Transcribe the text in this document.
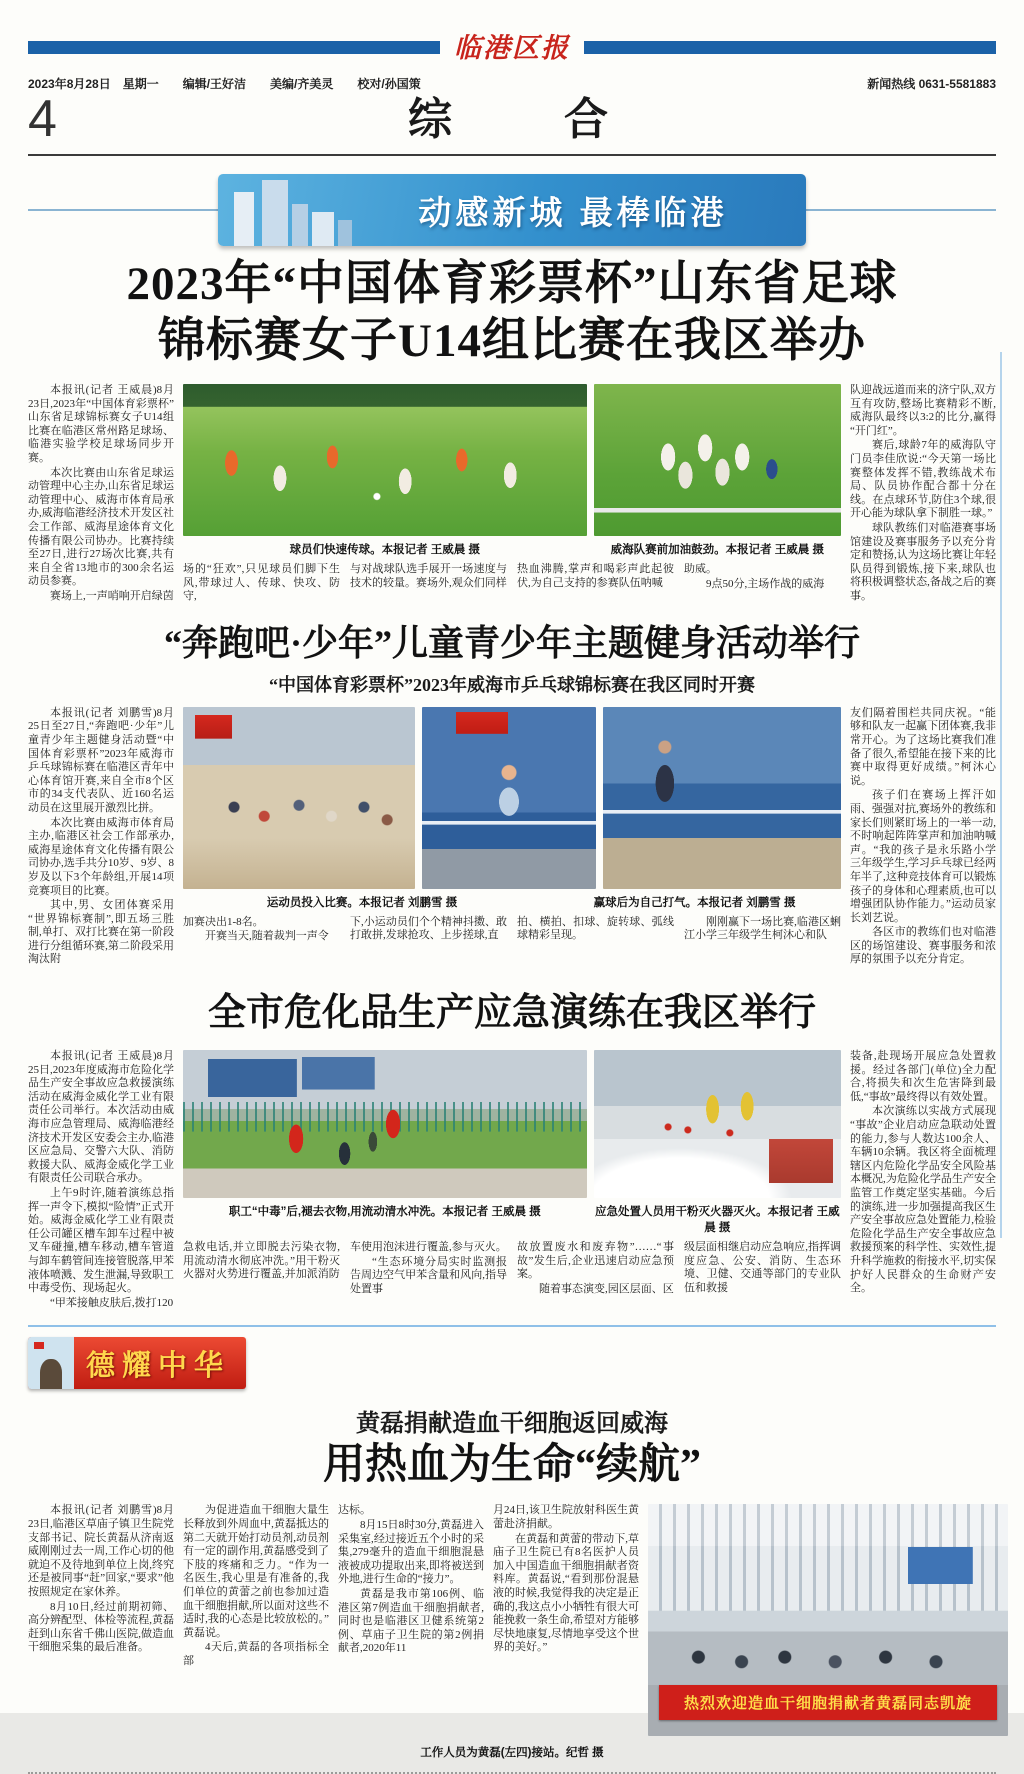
临港区报
2023年8月28日　星期一　　编辑/王好洁　　美编/齐美灵　　校对/孙国策	新闻热线 0631-5581883
4	综　　合
动感新城 最棒临港
2023年“中国体育彩票杯”山东省足球
锦标赛女子U14组比赛在我区举办

本报讯(记者 王威晨)8月23日,2023年“中国体育彩票杯”山东省足球锦标赛女子U14组比赛在临港区常州路足球场、临港实验学校足球场同步开赛。

本次比赛由山东省足球运动管理中心主办,山东省足球运动管理中心、威海市体育局承办,威海临港经济技术开发区社会工作部、威海星途体育文化传播有限公司协办。比赛持续至27日,进行27场次比赛,共有来自全省13地市的300余名运动员参赛。

赛场上,一声哨响开启绿茵

球员们快速传球。本报记者 王威晨 摄	威海队赛前加油鼓劲。本报记者 王威晨 摄

场的“狂欢”,只见球员们脚下生风,带球过人、传球、快攻、防守,

与对战球队选手展开一场速度与技术的较量。赛场外,观众们同样

热血沸腾,掌声和喝彩声此起彼伏,为自己支持的参赛队伍呐喊

助威。

9点50分,主场作战的威海

队迎战远道而来的济宁队,双方互有攻防,整场比赛精彩不断,威海队最终以3:2的比分,赢得“开门红”。

赛后,球龄7年的威海队守门员李佳欣说:“今天第一场比赛整体发挥不错,教练战术布局、队员协作配合都十分在线。在点球环节,防住3个球,很开心能为球队拿下制胜一球。”

球队教练们对临港赛事场馆建设及赛事服务予以充分肯定和赞扬,认为这场比赛让年轻队员得到锻炼,接下来,球队也将积极调整状态,备战之后的赛事。

“奔跑吧·少年”儿童青少年主题健身活动举行
“中国体育彩票杯”2023年威海市乒乓球锦标赛在我区同时开赛

本报讯(记者 刘鹏雪)8月25日至27日,“奔跑吧·少年”儿童青少年主题健身活动暨“中国体育彩票杯”2023年威海市乒乓球锦标赛在临港区青年中心体育馆开赛,来自全市8个区市的34支代表队、近160名运动员在这里展开激烈比拼。

本次比赛由威海市体育局主办,临港区社会工作部承办,威海星途体育文化传播有限公司协办,选手共分10岁、9岁、8岁及以下3个年龄组,开展14项竞赛项目的比赛。

其中,男、女团体赛采用“世界锦标赛制”,即五场三胜制,单打、双打比赛在第一阶段进行分组循环赛,第二阶段采用淘汰附

运动员投入比赛。本报记者 刘鹏雪 摄	赢球后为自己打气。本报记者 刘鹏雪 摄

加赛决出1-8名。

开赛当天,随着裁判一声令

下,小运动员们个个精神抖擞、敢打敢拼,发球抢攻、上步搓球,直

拍、横拍、扣球、旋转球、弧线球精彩呈现。

刚刚赢下一场比赛,临港区蜊江小学三年级学生柯沐心和队

友们隔着围栏共同庆祝。“能够和队友一起赢下团体赛,我非常开心。为了这场比赛我们准备了很久,希望能在接下来的比赛中取得更好成绩。”柯沐心说。

孩子们在赛场上挥汗如雨、强强对抗,赛场外的教练和家长们则紧盯场上的一举一动,不时响起阵阵掌声和加油呐喊声。“我的孩子是永乐路小学三年级学生,学习乒乓球已经两年半了,这种竞技体育可以锻炼孩子的身体和心理素质,也可以增强团队协作能力。”运动员家长刘艺说。

各区市的教练们也对临港区的场馆建设、赛事服务和浓厚的氛围予以充分肯定。

全市危化品生产应急演练在我区举行

本报讯(记者 王威晨)8月25日,2023年度威海市危险化学品生产安全事故应急救援演练活动在威海金威化学工业有限责任公司举行。本次活动由威海市应急管理局、威海临港经济技术开发区安委会主办,临港区应急局、交警六大队、消防救援大队、威海金威化学工业有限责任公司联合承办。

上午9时许,随着演练总指挥一声令下,模拟“险情”正式开始。威海金威化学工业有限责任公司罐区槽车卸车过程中被叉车碰撞,槽车移动,槽车管道与卸车鹤管间连接管脱落,甲苯液体喷溅、发生泄漏,导致职工中毒受伤、现场起火。

“甲苯接触皮肤后,拨打120

职工“中毒”后,褪去衣物,用流动清水冲洗。本报记者 王威晨 摄	应急处置人员用干粉灭火器灭火。本报记者 王威晨 摄

急救电话,并立即脱去污染衣物,用流动清水彻底冲洗。”用干粉灭火器对火势进行覆盖,并加派消防

车使用泡沫进行覆盖,参与灭火。

“生态环境分局实时监测报告周边空气甲苯含量和风向,指导处置事

故放置废水和废弃物”……“事故”发生后,企业迅速启动应急预案。

随着事态演变,园区层面、区

级层面相继启动应急响应,指挥调度应急、公安、消防、生态环境、卫健、交通等部门的专业队伍和救援

装备,赴现场开展应急处置救援。经过各部门(单位)全力配合,将损失和次生危害降到最低,“事故”最终得以有效处置。

本次演练以实战方式展现“事故”企业启动应急联动处置的能力,参与人数达100余人、车辆10余辆。我区将全面梳理辖区内危险化学品安全风险基本概况,为危险化学品生产安全监管工作奠定坚实基础。今后的演练,进一步加强提高我区生产安全事故应急处置能力,检验危险化学品生产安全事故应急救援预案的科学性、实效性,提升科学施救的衔接水平,切实保护好人民群众的生命财产安全。

德耀中华
黄磊捐献造血干细胞返回威海
用热血为生命“续航”

本报讯(记者 刘鹏雪)8月23日,临港区草庙子镇卫生院党支部书记、院长黄磊从济南返威刚刚过去一周,工作心切的他就迫不及待地到单位上岗,终究还是被同事“赶”回家,“要求”他按照规定在家休养。

8月10日,经过前期初筛、高分辨配型、体检等流程,黄磊赶到山东省千佛山医院,做造血干细胞采集的最后准备。

为促进造血干细胞大量生长释放到外周血中,黄磊抵达的第二天就开始打动员剂,动员剂有一定的副作用,黄磊感受到了下肢的疼痛和乏力。“作为一名医生,我心里是有准备的,我们单位的黄蕾之前也参加过造血干细胞捐献,所以面对这些不适时,我的心态是比较放松的。”黄磊说。

4天后,黄磊的各项指标全部

达标。

8月15日8时30分,黄磊进入采集室,经过接近五个小时的采集,279毫升的造血干细胞混悬液被成功提取出来,即将被送到外地,进行生命的“接力”。

黄磊是我市第106例、临港区第7例造血干细胞捐献者,同时也是临港区卫健系统第2例、草庙子卫生院的第2例捐献者,2020年11

月24日,该卫生院放射科医生黄蕾赴济捐献。

在黄磊和黄蕾的带动下,草庙子卫生院已有8名医护人员加入中国造血干细胞捐献者资料库。黄磊说,“看到那份混悬液的时候,我觉得我的决定是正确的,我这点小小牺牲有很大可能挽救一条生命,希望对方能够尽快地康复,尽情地享受这个世界的美好。”

热烈欢迎造血干细胞捐献者黄磊同志凯旋
工作人员为黄磊(左四)接站。纪哲 摄
